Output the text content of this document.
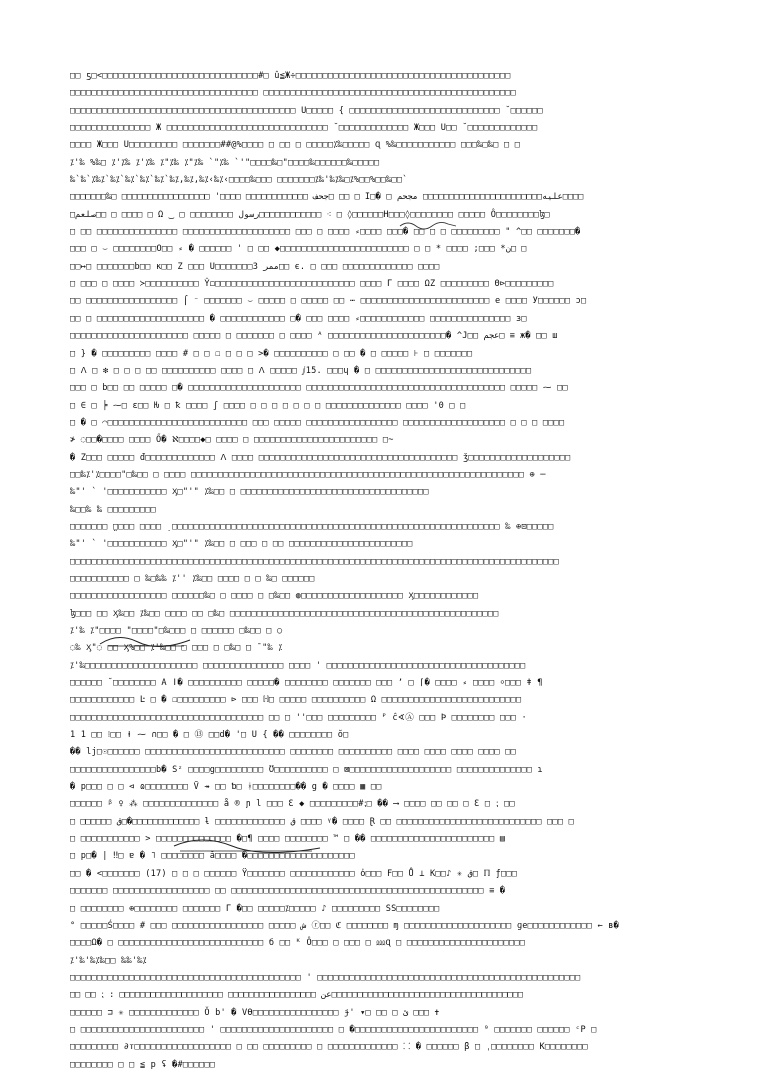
□□ ƽ□<□□□□□□□□□□□□□□□□□□□□□□□□□□□□□#□ û≦Ж÷□□□□□□□□□□□□□□□□□□□□□□□□□□□□□□□□□□□□□□□□
□□□□□□□□□□□□□□□□□□□□□□□□□□□□□□□□□□□ □□□□□□□□□□□□□□□□□□□□□□□□□□□□□□□□□□□□□□□□□□□□□□□
□□□□□□□□□□□□□□□□□□□□□□□□□□□□□□□□□□□□□□□□□□ U□□□□□ { □□□□□□□□□□□□□□□□□□□□□□□□□□□□ ˘□□□□□□
□□□□□□□□□□□□□□□ Ж □□□□□□□□□□□□□□□□□□□□□□□□□□□□□□ ˘□□□□□□□□□□□□□ Ж□□□ U□□ ˘□□□□□□□□□□□□□
□□□□ Ж□□□ U□□□□□□□□□ □□□□□□□##@%□□□□ □ □□ □ □□□□□⁒‰□□□□□ Ɋ %‰□□□□□□□□□□□ □□□‰□‰□ □ □
⁒'‰ %‰□ ⁒'⁒‰ ⁒'⁒‰ ⁒"⁒‰ ⁒"⁒‰ `"⁒‰ `'"□□□□‰□"□□□□‰□□□□□□‰□□□□□
‰`‰`⁒‰⁒`‰⁒`‰⁒`‰⁒`‰⁒`‰⁒,‰⁒,‰⁒‹‰⁒‹□□□□‰□□□ □□□□□□□⁒‰'‰⁒‰□⁒%□□%□□‰□□`
□□□□□□□‰□ □□□□□□□□□□□□□□□□□ '□□□□ □□□□□□□□□□□□ جحف□ □□ □ I□� □ عليه□□□□□□□□□□□□□□□□□□□□□□□ مجحم□□□□
□صلعم□□ □ □□□□ □ Ω ‿ □ □□□□□□□□ رسول□□□□□□□□□□□□ ⁖ □ ◊□□□□□□H□□□◊□□□□□□□□ □□□□□ Ô□□□□□□□□ɮ□
□ □□ □□□□□□□□□□□□□□□ □□□□□□□□□□□□□□□□□□□□ □□□ □ □□□□ ⸗□□□□ □□□� □□ □ □ □□□□□□□□□ " ^□□ □□□□□□□�
□□□ □ ⌣ □□□□□□□□O□□ ⸗ � □□□□□□ ' □ □□ ◆□□□□□□□□□□□□□□□□□□□□□□□□ □ □ * □□□□ ;□□□ *ن□ □
□□↦□ □□□□□□□b□□ κ□□ Z □□□ U□□□□□□□3 ممر□□ є. □ □□□ □□□□□□□□□□□□□ □□□□
□ □□□ □ □□□□ ≻□□□□□□□□□□ Ŷ◻□□□□□□□□□□□□□□□□□□□□□□□□□□ □□□□ Γ □□□□ ΩZ □□□□□□□□□ Θ⊳□□□□□□□□□
□□ □□□□□□□□□□□□□□□□□ ⌠ ⁻ □□□□□□□ ⌣ □□□□□ □ □□□□□ □□ ⋯ □□□□□□□□□□□□□□□□□□□□□□□□ e □□□□ У□□□□□□ ɔ□
□□ □ □□□□□□□□□□□□□□□□□□□□ � □□□□□□□□□□□□ □� □□□ □□□□ ⸗□□□□□□□□□□□□ □□□□□□□□□□□□□□□ ɜ□
□□□□□□□□□□□□□□□□□□□□□□ □□□□□ □ □□□□□□□ □ □□□□ ᴬ □□□□□□□□□□□□□□□□□□□□□□� ^J□□ عجم□ ≡ ж� □□ ш
□ } � □□□□□□□□□ □□□□ # □ □ ☐ □ □ □ >� □□□□□□□□□□ □ □□ � □ □□□□□ ⊦ □ □□□□□□□
□ ⴷ □ ❇ □ □ □ □□ □□□□□□□□□□ □□□□ □ ⴷ □□□□□ ⅉ15. □□□ɥ � □ □□□□□□□□□□□□□□□□□□□□□□□□□□□□□
□□□ □ b□□ □□ □□□□□ □� □□□□□□□□□□□□□□□□□□□□□ □□□□□□□□□□□□□□□□□□□□□□□□□□□□□□□□□□□□□ □□□□□ ⁓ □□
□ ∈ □ ╞ ⁓□ ɛ□□ Ƕ □ ꝁ □□□□ ʃ □□□□ □ □ □ □ □ □ □ □□□□□□□□□□□□□□ □□□□ '0 □ □
□ � □ ⌒□□□□□□□□□□□□□□□□□□□□□□□□□□ □□□ □□□□□ □□□□□□□□□□□□□□□□□ □□□□□□□□□□□□□□□□□□□ □ □ □ □□□□
≯ ◌□□�□□□□ □□□□ Ő� ℵ□□□□◆□ □□□□ □ □□□□□□□□□□□□□□□□□□□□□□□ □~
� Z□□□ □□□□□ đ□□□□□□□□□□□□□ ⴷ □□□□ □□□□□□□□□□□□□□□□□□□□□□□□□□□□□□□□□□□□□ ǯ□□□□□□□□□□□□□□□□□□□
□□‰⁒'⁒□□□□"□‰□□ □ □□□□ □□□□□□□□□□□□□□□□□□□□□□□□□□□□□□□□□□□□□□□□□□□□□□□□□□□□□□□□□□□□□□ ⊕ ─
‰"' ` '□□□□□□□□□□□ Ӽ□"'" ⁒‰□□ □ □□□□□□□□□□□□□□□□□□□□□□□□□□□□□□□□□□□
‰□□‰ ‰ □□□□□□□□□
□□□□□□□ ̤□□□□ □□□□ ̣ □□□□□□□□□□□□□□□□□□□□□□□□□□□□□□□□□□□□□□□□□□□□□□□□□□□□□□□□□□□□□ ‰ ⊕⊡□□□□□
‰"' ` '□□□□□□□□□□□ Ӽ□"'" ⁒‰□□ □ □□□ □ □□ □□□□□□□□□□□□□□□□□□□□□□□
□□□□□□□□□□□□□□□□□□□□□□□□□□□□□□□□□□□□□□□□□□□□□□□□□□□□□□□□□□□□□□□□□□□□□□□□□□□□□□□□□□□□□□□□□□□
□□□□□□□□□□□ □ ‰□‰‰ ⁒'' ⁒‰□□ □□□□ □ □ ‰□ □□□□□□
□□□□□□□□□□□□□□□□□□ □□□□□□‰□ □ □□□□ □ □‰□□ ◍□□□□□□□□□□□□□□□□□□□ Ӽ□□□□□□□□□□□□
ɮ□□□ □□ Ӽ‰□□ ⁒‰□□ □□□□ □□ □‰□ □□□□□□□□□□□□□□□□□□□□□□□□□□□□□□□□□□□□□□□□□□□□□□□□□□
⁒'‰ ⁒"□□□□ "□□□□"□‰□□□ □ □□□□□□ □‰□□ □ ◯
◌‰ Ӽ"◌ □□ Ӽ%□□ ⁒'‰□□ □ □□□ □ □‰□ □ ˉ"‰ ⁒
⁒'‰□□□□□□□□□□□□□□□□□□□□□ □□□□□□□□□□□□□□□ □□□□ ' □□□□□□□□□□□□□□□□□□□□□□□□□□□□□□□□□□□□□
□□□□□□ ˘□□□□□□□□ A ǀ� □□□□□□□□□□ □□□□□� □□□□□□□□ □□□□□□□ □□□ ʼ □ ⌈� □□□□ ⸗ □□□□ ⸰□□□ ǂ ¶
□□□□□□□□□□□□ Ŀ □ � ☐□□□□□□□□□ ⊳ □□□ ℍ□ □□□□□ □□□□□□□□□□ Ω □□□□□□□□□□□□□□□□□□□□□□□□□□
□□□□□□□□□□□□□□□□□□□□□□□□□□□□□□□□□□□□ □□ □ ''□□□ □□□□□□□□□ ᴾ ĉ∢Ⓐ □□□ Þ □□□□□□□□ □□□ ·
1 1 □□ ⁝□□ ⱡ ⁓ ∩□□ � □ ⑬ □□d� '□ U { �� □□□□□□□□ ŏ□
�� lj□☉□□□□□□ □□□□□□□□□□□□□□□□□□□□□□□□□□ □□□□□□□□ □□□□□□□□□□ □□□□ □□□□ □□□□ □□□□ □□
□□□□□□□□□□□□□□□□b� Sᶻ □□□□g□□□□□□□□□ Ʊ□□□□□□□□□□ □ ⊠□□□□□□□□□□□□□□□□□□□ □□□□□□□□□□□□□□ ɿ
� p□□□ □ □ ⊲ ɷ□□□□□□□□ Ṽ ↠ □□ ƅ□ ᚼ□□□□□□□□�� g � □□□□ ▦ □□
□□□□□□ ᵝ ♀ ⁂ □□□□□□□□□□□□□□ å ® ɲ l □□□ Ɛ ◆ □□□□□□□□□#⁏□ �� ⟶ □□□□ □□ □□ □ Ɛ □ ⁏ □□
□ □□□□□□ ق□�□□□□□□□□□□□□□ ƚ □□□□□□□□□□□□□ ق □□□□ ᵞ� □□□□ Ɽ □□ □□□□□□□□□□□□□□□□□□□□□□□□□□□ □□□ □
□ □□□□□□□□□□□ > □□□□□□□□□□□□□□ �□¶ □□□□ □□□□□□□□ ™ □ �� □□□□□□□□□□□□□□□□□□□□□□□ ▤
□ p□� | ‼□ ɐ � ˥ □□□□□□□□ ă□□□□ �□□□□□□□□□□□□□□□□□□□□
□□ � <□□□□□□□ (17) □ □ □ □□□□□□ Ÿ□□□□□□□ □□□□□□□□□□□□ ὀ□□□ F□□ Ů ⊥ K□□♪ ✳ ق□ ℿ ƒ□□□
□□□□□□□ □□□□□□□□□□□□□□□□□□ □□ □□□□□□□□□□□□□□□□□□□□□□□□□□□□□□□□□□□□□□□□□□□□□□□ ≡ �
□ □□□□□□□□ ⊕□□□□□□□□ □□□□□□□ Γ �□□ □□□□□⁒□□□□□ ♪ □□□□□□□□□ SS□□□□□□□□
° □□□□□Ś□□□□ # □□□ □□□□□□□□□□□□□□□□□ □□□□□ ش ⓡ□□ ℭ □□□□□□□□ ɱ □□□□□□□□□□□□□□□□□□□□ ɡe□□□□□□□□□□□□ ← ʙ�
□□□□Ω� □ □□□□□□□□□□□□□□□□□□□□□□□□□□□ б □□ ᴷ Ô□□□ □ □□□ □ ⅏Ɋ □ □□□□□□□□□□□□□□□□□□□□□□
⁒'‰'‰⁒‰□□ ‰‰'‰⁒
□□□□□□□□□□□□□□□□□□□□□□□□□□□□□□□□□□□□□□□□□□□ ' □□□□□□□□□□□□□□□□□□□□□□□□□□□□□□□□□□□□□□□□□□□□□□□□□
□□ □□ ⁏ : □□□□□□□□□□□□□□□□□□□□ □□□□□□□□□□□□□□□□□ عن□□□□□□□□□□□□□□□□□□□□□□□□□□□□□□□□□□□□□
□□□□□□ ⊐ ✳ □□□□□□□□□□□□□ Ŏ b' � VƟ□□□□□□□□□□□□□□□□ ɉ' ▾□ □□ □ ئ □□□ ✝
□ □□□□□□□□□□□□□□□□□□□□□□□ ' □□□□□□□□□□□□□□□□□□□□□ □ �□□□□□□□□□□□□□□□□□□□□□□□ ⁹ □□□□□□□ □□□□□□ ᶜP □
□□□□□□□□□ ∂ᴛ□□□□□□□□□□□□□□□□□□ □ □□ □□□□□□□□□ □ □□□□□□□□□□□□□ ⸬ � □□□□□□ β □ ˌ□□□□□□□□ K□□□□□□□□
□□□□□□□□ □ □ ≦ p ʢ �#□□□□□□
